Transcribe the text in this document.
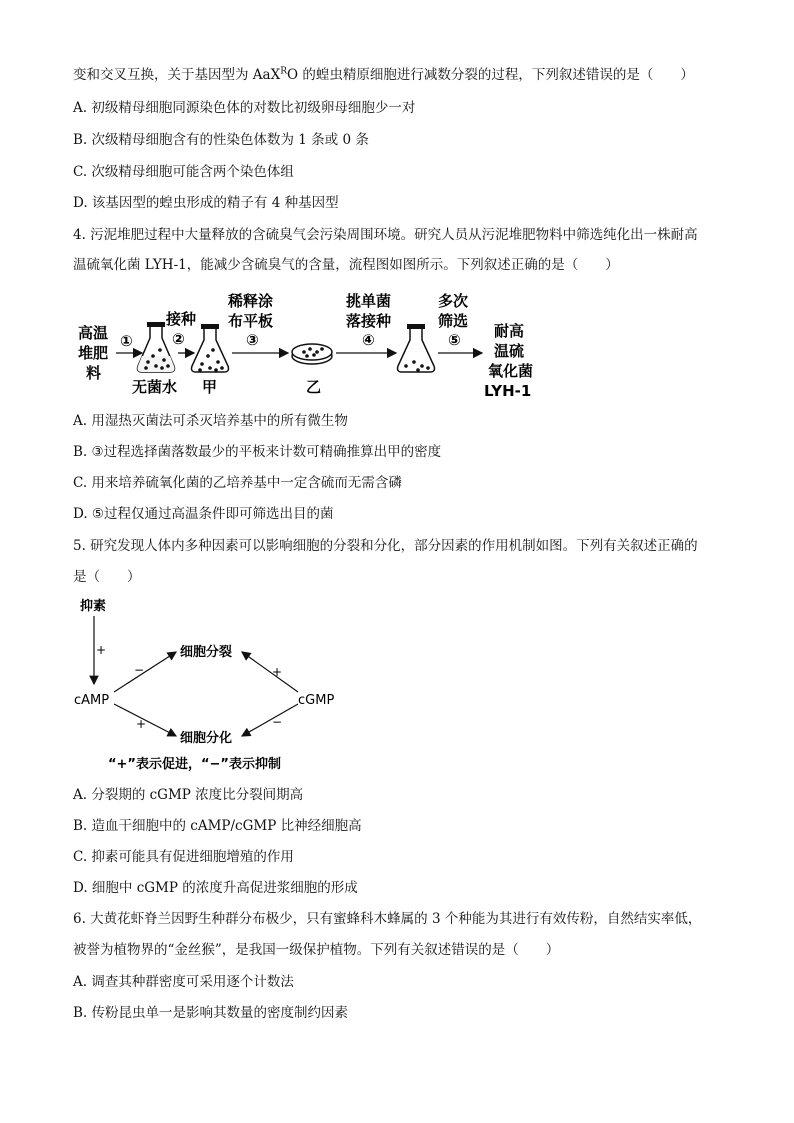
变和交叉互换，关于基因型为 AaX$^R$O 的蝗虫精原细胞进行减数分裂的过程，下列叙述错误的是（　　）
A. 初级精母细胞同源染色体的对数比初级卵母细胞少一对
B. 次级精母细胞含有的性染色体数为 1 条或 0 条
C. 次级精母细胞可能含两个染色体组
D. 该基因型的蝗虫形成的精子有 4 种基因型
4. 污泥堆肥过程中大量释放的含硫臭气会污染周围环境。研究人员从污泥堆肥物料中筛选纯化出一株耐高
温硫氧化菌 LYH-1，能减少含硫臭气的含量，流程图如图所示。下列叙述正确的是（　　）
高温
堆肥
料
①
无菌水
接种
②
甲
稀释涂
布平板
③
乙
挑单菌
落接种
④
多次
筛选
⑤ 耐高
温硫
氧化菌
LYH-1
A. 用湿热灭菌法可杀灭培养基中的所有微生物
B. ③过程选择菌落数最少的平板来计数可精确推算出甲的密度
C. 用来培养硫氧化菌的乙培养基中一定含硫而无需含磷
D. ⑤过程仅通过高温条件即可筛选出目的菌
5. 研究发现人体内多种因素可以影响细胞的分裂和分化，部分因素的作用机制如图。下列有关叙述正确的
是（　　）
抑素
+
cAMP	cGMP
细胞分裂
细胞分化
−	+
+	−
“+”表示促进，“−”表示抑制
A. 分裂期的 cGMP 浓度比分裂间期高
B. 造血干细胞中的 cAMP/cGMP 比神经细胞高
C. 抑素可能具有促进细胞增殖的作用
D. 细胞中 cGMP 的浓度升高促进浆细胞的形成
6. 大黄花虾脊兰因野生种群分布极少，只有蜜蜂科木蜂属的 3 个种能为其进行有效传粉，自然结实率低，
被誉为植物界的“金丝猴”，是我国一级保护植物。下列有关叙述错误的是（　　）
A. 调查其种群密度可采用逐个计数法
B. 传粉昆虫单一是影响其数量的密度制约因素
